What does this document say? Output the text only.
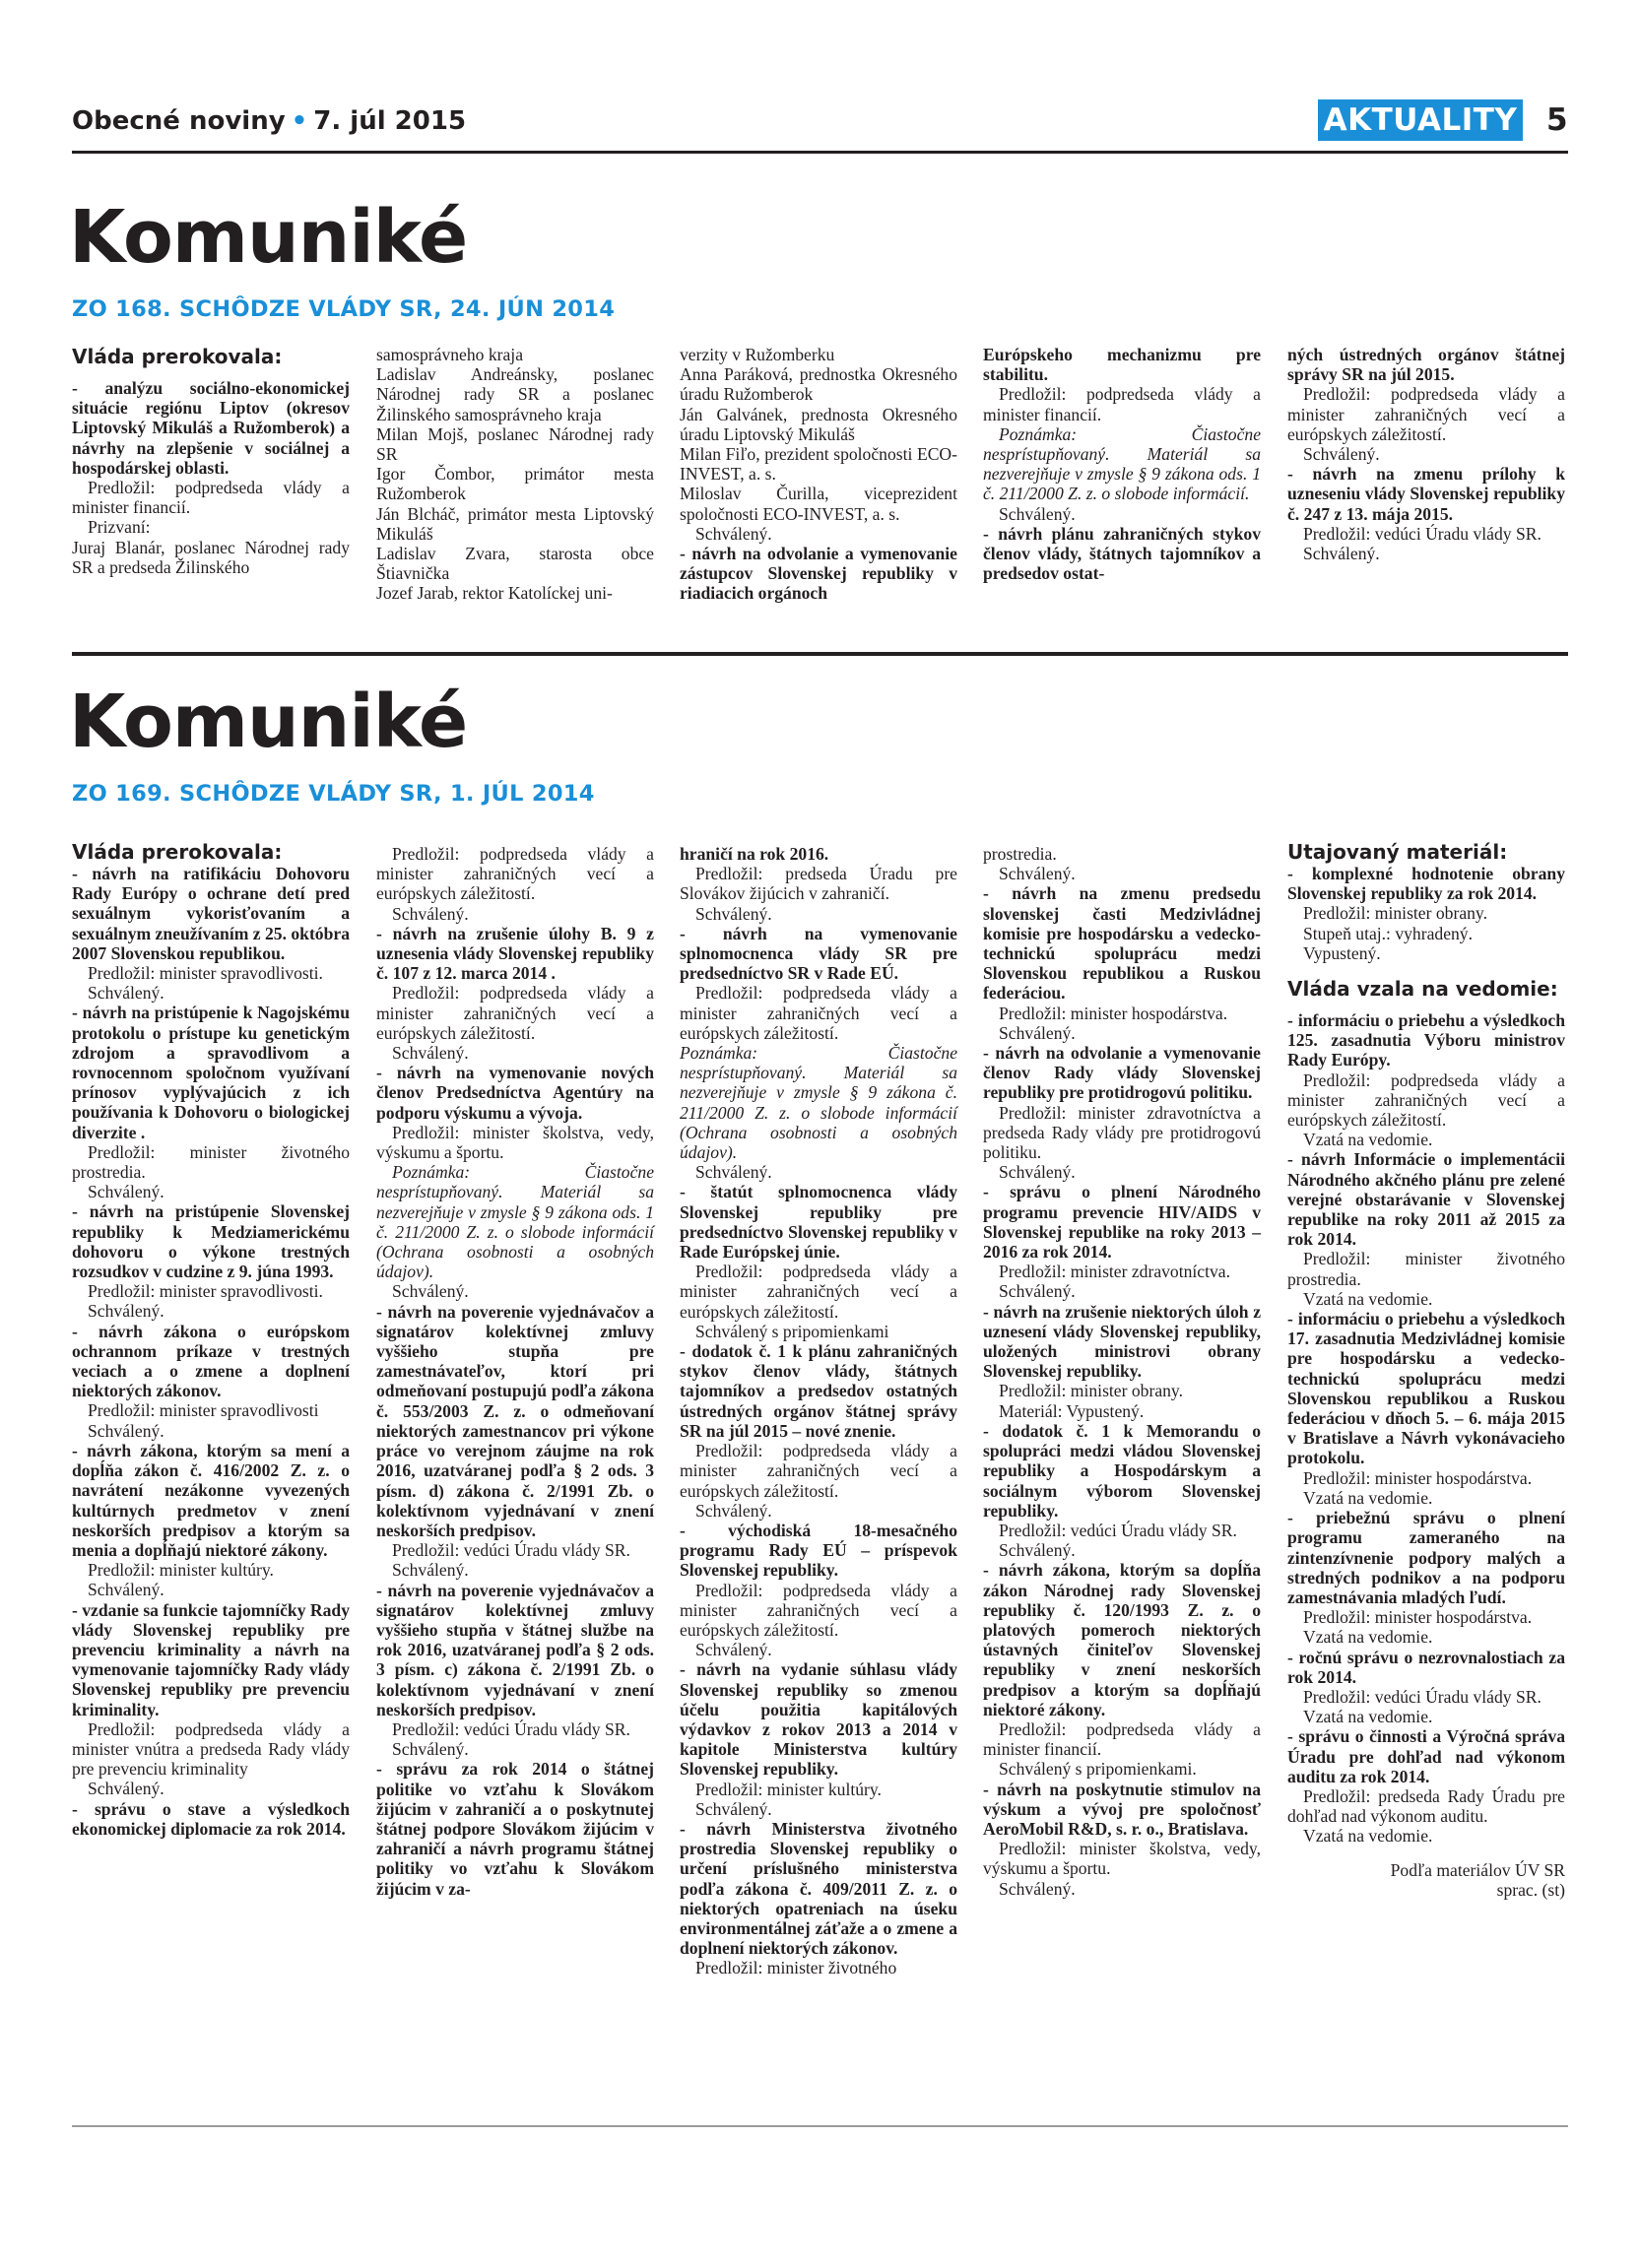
Obecné noviny • 7. júl 2015	AKTUALITY 5
Komuniké
ZO 168. SCHÔDZE VLÁDY SR, 24. JÚN 2014

Vláda prerokovala:

- analýzu sociálno-ekonomickej situácie regiónu Liptov (okresov Liptovský Mikuláš a Ružomberok) a návrhy na zlepšenie v sociálnej a hospodárskej oblasti.

Predložil: podpredseda vlády a minister financií.

Prizvaní:

Juraj Blanár, poslanec Národnej rady SR a predseda Žilinského

samosprávneho kraja

Ladislav Andreánsky, poslanec Národnej rady SR a poslanec Žilinského samosprávneho kraja

Milan Mojš, poslanec Národnej rady SR

Igor Čombor, primátor mesta Ružomberok

Ján Blcháč, primátor mesta Liptovský Mikuláš

Ladislav Zvara, starosta obce Štiavnička

Jozef Jarab, rektor Katolíckej uni-

verzity v Ružomberku

Anna Paráková, prednostka Okresného úradu Ružomberok

Ján Galvánek, prednosta Okresného úradu Liptovský Mikuláš

Milan Fiľo, prezident spoločnosti ECO-INVEST, a. s.

Miloslav Čurilla, viceprezident spoločnosti ECO-INVEST, a. s.

Schválený.

- návrh na odvolanie a vymenovanie zástupcov Slovenskej republiky v riadiacich orgánoch

Európskeho mechanizmu pre stabilitu.

Predložil: podpredseda vlády a minister financií.

Poznámka: Čiastočne nesprístupňovaný. Materiál sa nezverejňuje v zmysle § 9 zákona ods. 1 č. 211/2000 Z. z. o slobode informácií.

Schválený.

- návrh plánu zahraničných stykov členov vlády, štátnych tajomníkov a predsedov ostat-

ných ústredných orgánov štátnej správy SR na júl 2015.

Predložil: podpredseda vlády a minister zahraničných vecí a európskych záležitostí.

Schválený.

- návrh na zmenu prílohy k uzneseniu vlády Slovenskej republiky č. 247 z 13. mája 2015.

Predložil: vedúci Úradu vlády SR.

Schválený.

Komuniké
ZO 169. SCHÔDZE VLÁDY SR, 1. JÚL 2014

Vláda prerokovala:

- návrh na ratifikáciu Dohovoru Rady Európy o ochrane detí pred sexuálnym vykorisťovaním a sexuálnym zneužívaním z 25. októbra 2007 Slovenskou republikou.

Predložil: minister spravodlivosti.

Schválený.

- návrh na pristúpenie k Nagojskému protokolu o prístupe ku genetickým zdrojom a spravodlivom a rovnocennom spoločnom využívaní prínosov vyplývajúcich z ich používania k Dohovoru o biologickej diverzite .

Predložil: minister životného prostredia.

Schválený.

- návrh na pristúpenie Slovenskej republiky k Medziamerickému dohovoru o výkone trestných rozsudkov v cudzine z 9. júna 1993.

Predložil: minister spravodlivosti.

Schválený.

- návrh zákona o európskom ochrannom príkaze v trestných veciach a o zmene a doplnení niektorých zákonov.

Predložil: minister spravodlivosti

Schválený.

- návrh zákona, ktorým sa mení a dopĺňa zákon č. 416/2002 Z. z. o navrátení nezákonne vyvezených kultúrnych predmetov v znení neskorších predpisov a ktorým sa menia a dopĺňajú niektoré zákony.

Predložil: minister kultúry.

Schválený.

- vzdanie sa funkcie tajomníčky Rady vlády Slovenskej republiky pre prevenciu kriminality a návrh na vymenovanie tajomníčky Rady vlády Slovenskej republiky pre prevenciu kriminality.

Predložil: podpredseda vlády a minister vnútra a predseda Rady vlády pre prevenciu kriminality

Schválený.

- správu o stave a výsledkoch ekonomickej diplomacie za rok 2014.

Predložil: podpredseda vlády a minister zahraničných vecí a európskych záležitostí.

Schválený.

- návrh na zrušenie úlohy B. 9 z uznesenia vlády Slovenskej republiky č. 107 z 12. marca 2014 .

Predložil: podpredseda vlády a minister zahraničných vecí a európskych záležitostí.

Schválený.

- návrh na vymenovanie nových členov Predsedníctva Agentúry na podporu výskumu a vývoja.

Predložil: minister školstva, vedy, výskumu a športu.

Poznámka: Čiastočne nesprístupňovaný. Materiál sa nezverejňuje v zmysle § 9 zákona ods. 1 č. 211/2000 Z. z. o slobode informácií (Ochrana osobnosti a osobných údajov).

Schválený.

- návrh na poverenie vyjednávačov a signatárov kolektívnej zmluvy vyššieho stupňa pre zamestnávateľov, ktorí pri odmeňovaní postupujú podľa zákona č. 553/2003 Z. z. o odmeňovaní niektorých zamestnancov pri výkone práce vo verejnom záujme na rok 2016, uzatváranej podľa § 2 ods. 3 písm. d) zákona č. 2/1991 Zb. o kolektívnom vyjednávaní v znení neskorších predpisov.

Predložil: vedúci Úradu vlády SR.

Schválený.

- návrh na poverenie vyjednávačov a signatárov kolektívnej zmluvy vyššieho stupňa v štátnej službe na rok 2016, uzatváranej podľa § 2 ods. 3 písm. c) zákona č. 2/1991 Zb. o kolektívnom vyjednávaní v znení neskorších predpisov.

Predložil: vedúci Úradu vlády SR.

Schválený.

- správu za rok 2014 o štátnej politike vo vzťahu k Slovákom žijúcim v zahraničí a o poskytnutej štátnej podpore Slovákom žijúcim v zahraničí a návrh programu štátnej politiky vo vzťahu k Slovákom žijúcim v za-

hraničí na rok 2016.

Predložil: predseda Úradu pre Slovákov žijúcich v zahraničí.

Schválený.

- návrh na vymenovanie splnomocnenca vlády SR pre predsedníctvo SR v Rade EÚ.

Predložil: podpredseda vlády a minister zahraničných vecí a európskych záležitostí.

Poznámka: Čiastočne nesprístupňovaný. Materiál sa nezverejňuje v zmysle § 9 zákona č. 211/2000 Z. z. o slobode informácií (Ochrana osobnosti a osobných údajov).

Schválený.

- štatút splnomocnenca vlády Slovenskej republiky pre predsedníctvo Slovenskej republiky v Rade Európskej únie.

Predložil: podpredseda vlády a minister zahraničných vecí a európskych záležitostí.

Schválený s pripomienkami

- dodatok č. 1 k plánu zahraničných stykov členov vlády, štátnych tajomníkov a predsedov ostatných ústredných orgánov štátnej správy SR na júl 2015 – nové znenie.

Predložil: podpredseda vlády a minister zahraničných vecí a európskych záležitostí.

Schválený.

- východiská 18-mesačného programu Rady EÚ – príspevok Slovenskej republiky.

Predložil: podpredseda vlády a minister zahraničných vecí a európskych záležitostí.

Schválený.

- návrh na vydanie súhlasu vlády Slovenskej republiky so zmenou účelu použitia kapitálových výdavkov z rokov 2013 a 2014 v kapitole Ministerstva kultúry Slovenskej republiky.

Predložil: minister kultúry.

Schválený.

- návrh Ministerstva životného prostredia Slovenskej republiky o určení príslušného ministerstva podľa zákona č. 409/2011 Z. z. o niektorých opatreniach na úseku environmentálnej záťaže a o zmene a doplnení niektorých zákonov.

Predložil: minister životného

prostredia.

Schválený.

- návrh na zmenu predsedu slovenskej časti Medzivládnej komisie pre hospodársku a vedecko-technickú spoluprácu medzi Slovenskou republikou a Ruskou federáciou.

Predložil: minister hospodárstva.

Schválený.

- návrh na odvolanie a vymenovanie členov Rady vlády Slovenskej republiky pre protidrogovú politiku.

Predložil: minister zdravotníctva a predseda Rady vlády pre protidrogovú politiku.

Schválený.

- správu o plnení Národného programu prevencie HIV/AIDS v Slovenskej republike na roky 2013 – 2016 za rok 2014.

Predložil: minister zdravotníctva.

Schválený.

- návrh na zrušenie niektorých úloh z uznesení vlády Slovenskej republiky, uložených ministrovi obrany Slovenskej republiky.

Predložil: minister obrany.

Materiál: Vypustený.

- dodatok č. 1 k Memorandu o spolupráci medzi vládou Slovenskej republiky a Hospodárskym a sociálnym výborom Slovenskej republiky.

Predložil: vedúci Úradu vlády SR.

Schválený.

- návrh zákona, ktorým sa dopĺňa zákon Národnej rady Slovenskej republiky č. 120/1993 Z. z. o platových pomeroch niektorých ústavných činiteľov Slovenskej republiky v znení neskorších predpisov a ktorým sa dopĺňajú niektoré zákony.

Predložil: podpredseda vlády a minister financií.

Schválený s pripomienkami.

- návrh na poskytnutie stimulov na výskum a vývoj pre spoločnosť AeroMobil R&D, s. r. o., Bratislava.

Predložil: minister školstva, vedy, výskumu a športu.

Schválený.

Utajovaný materiál:

- komplexné hodnotenie obrany Slovenskej republiky za rok 2014.

Predložil: minister obrany.

Stupeň utaj.: vyhradený.

Vypustený.

Vláda vzala na vedomie:

- informáciu o priebehu a výsledkoch 125. zasadnutia Výboru ministrov Rady Európy.

Predložil: podpredseda vlády a minister zahraničných vecí a európskych záležitostí.

Vzatá na vedomie.

- návrh Informácie o implementácii Národného akčného plánu pre zelené verejné obstarávanie v Slovenskej republike na roky 2011 až 2015 za rok 2014.

Predložil: minister životného prostredia.

Vzatá na vedomie.

- informáciu o priebehu a výsledkoch 17. zasadnutia Medzivládnej komisie pre hospodársku a vedecko-technickú spoluprácu medzi Slovenskou republikou a Ruskou federáciou v dňoch 5. – 6. mája 2015 v Bratislave a Návrh vykonávacieho protokolu.

Predložil: minister hospodárstva.

Vzatá na vedomie.

- priebežnú správu o plnení programu zameraného na zintenzívnenie podpory malých a stredných podnikov a na podporu zamestnávania mladých ľudí.

Predložil: minister hospodárstva.

Vzatá na vedomie.

- ročnú správu o nezrovnalostiach za rok 2014.

Predložil: vedúci Úradu vlády SR.

Vzatá na vedomie.

- správu o činnosti a Výročná správa Úradu pre dohľad nad výkonom auditu za rok 2014.

Predložil: predseda Rady Úradu pre dohľad nad výkonom auditu.

Vzatá na vedomie.

Podľa materiálov ÚV SR

sprac. (st)
